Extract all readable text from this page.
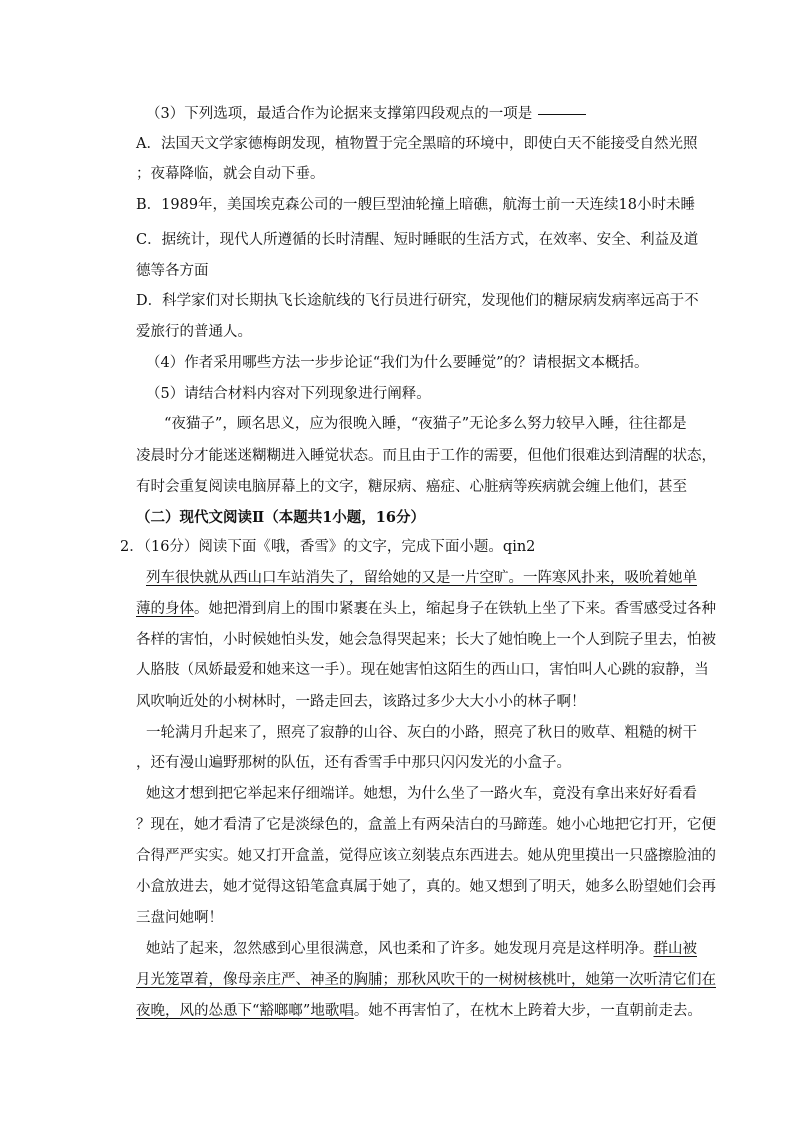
（3）下列选项，最适合作为论据来支撑第四段观点的一项是
A．法国天文学家德梅朗发现，植物置于完全黑暗的环境中，即使白天不能接受自然光照
；夜幕降临，就会自动下垂。
B．1989年，美国埃克森公司的一艘巨型油轮撞上暗礁，航海士前一天连续18小时未睡
C．据统计，现代人所遵循的长时清醒、短时睡眠的生活方式，在效率、安全、利益及道
德等各方面
D．科学家们对长期执飞长途航线的飞行员进行研究，发现他们的糖尿病发病率远高于不
爱旅行的普通人。
（4）作者采用哪些方法一步步论证“我们为什么要睡觉”的？请根据文本概括。
（5）请结合材料内容对下列现象进行阐释。
“夜猫子”，顾名思义，应为很晚入睡，“夜猫子”无论多么努力较早入睡，往往都是
凌晨时分才能迷迷糊糊进入睡觉状态。而且由于工作的需要，但他们很难达到清醒的状态，
有时会重复阅读电脑屏幕上的文字，糖尿病、癌症、心脏病等疾病就会缠上他们，甚至
（二）现代文阅读Ⅱ（本题共1小题，16分）
2．（16分）阅读下面《哦，香雪》的文字，完成下面小题。qin2
列车很快就从西山口车站消失了，留给她的又是一片空旷。一阵寒风扑来，吸吮着她单
薄的身体。她把滑到肩上的围巾紧裹在头上，缩起身子在铁轨上坐了下来。香雪感受过各种
各样的害怕，小时候她怕头发，她会急得哭起来；长大了她怕晚上一个人到院子里去，怕被
人胳肢（凤娇最爱和她来这一手）。现在她害怕这陌生的西山口，害怕叫人心跳的寂静，当
风吹响近处的小树林时，一路走回去，该路过多少大大小小的林子啊！
一轮满月升起来了，照亮了寂静的山谷、灰白的小路，照亮了秋日的败草、粗糙的树干
，还有漫山遍野那树的队伍，还有香雪手中那只闪闪发光的小盒子。
她这才想到把它举起来仔细端详。她想，为什么坐了一路火车，竟没有拿出来好好看看
？现在，她才看清了它是淡绿色的，盒盖上有两朵洁白的马蹄莲。她小心地把它打开，它便
合得严严实实。她又打开盒盖，觉得应该立刻装点东西进去。她从兜里摸出一只盛擦脸油的
小盒放进去，她才觉得这铅笔盒真属于她了，真的。她又想到了明天，她多么盼望她们会再
三盘问她啊！
她站了起来，忽然感到心里很满意，风也柔和了许多。她发现月亮是这样明净。群山被
月光笼罩着，像母亲庄严、神圣的胸脯；那秋风吹干的一树树核桃叶，她第一次听清它们在
夜晚，风的怂恿下“豁啷啷”地歌唱。她不再害怕了，在枕木上跨着大步，一直朝前走去。
